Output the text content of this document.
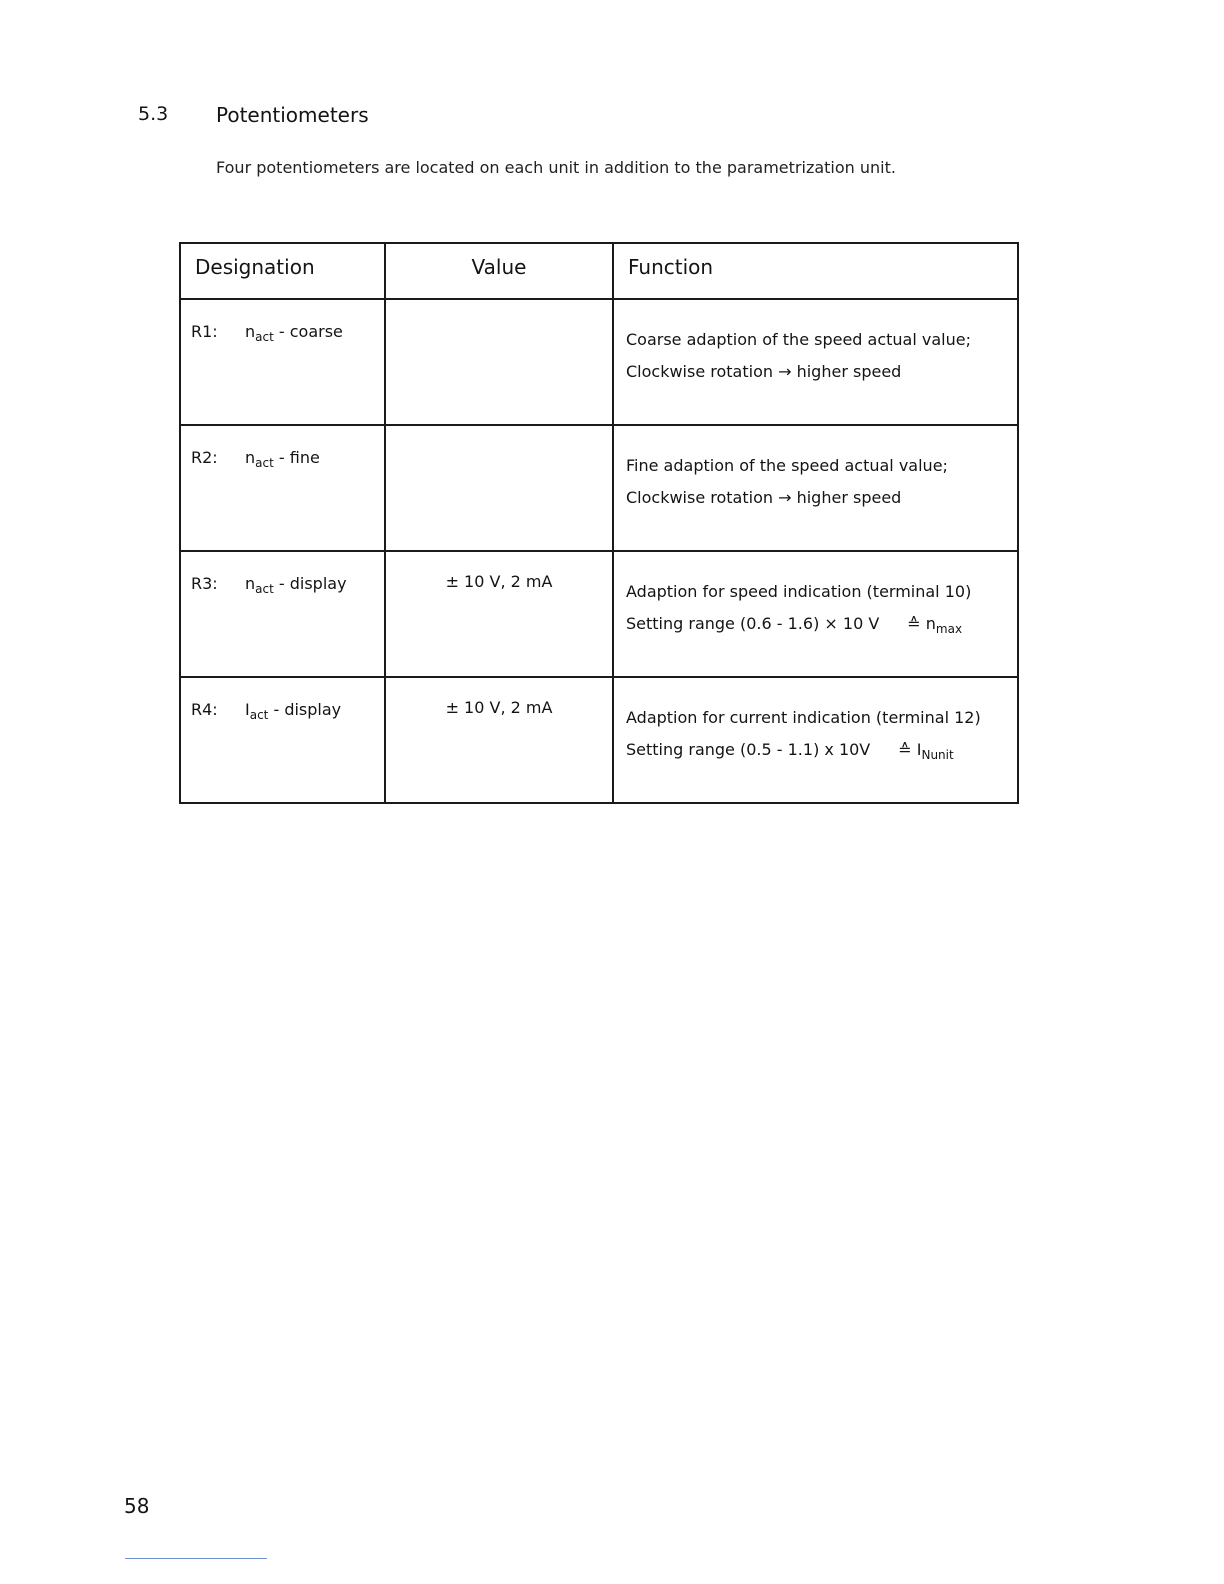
5.3 Potentiometers
Four potentiometers are located on each unit in addition to the parametrization unit.
Designation	Value	Function
R1: $n_{act}$ - coarse		Coarse adaption of the speed actual value;
Clockwise rotation → higher speed

R2: $n_{act}$ - fine		Fine adaption of the speed actual value;
Clockwise rotation → higher speed

R3: $n_{act}$ - display	± 10 V, 2 mA	Adaption for speed indication (terminal 10)
Setting range (0.6 - 1.6) × 10 V ≙ $n_{max}$

R4: $I_{act}$ - display	± 10 V, 2 mA	Adaption for current indication (terminal 12)
Setting range (0.5 - 1.1) x 10V ≙ $I_{Nunit}$
58
